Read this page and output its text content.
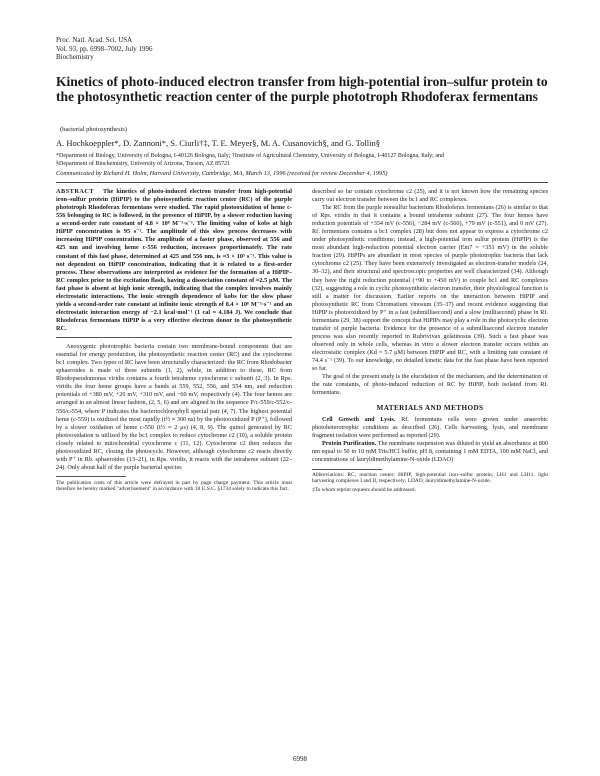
Proc. Natl. Acad. Sci. USA
Vol. 93, pp. 6998–7002, July 1996
Biochemistry
Kinetics of photo-induced electron transfer from high-potential iron–sulfur protein to the photosynthetic reaction center of the purple phototroph Rhodoferax fermentans
(bacterial photosynthesis)
A. Hochkoeppler*, D. Zannoni*, S. Ciurli†‡, T. E. Meyer§, M. A. Cusanovich§, and G. Tollin§
*Department of Biology, University of Bologna, I-40126 Bologna, Italy; †Institute of Agricultural Chemistry, University of Bologna, I-40127 Bologna, Italy; and
§Department of Biochemistry, University of Arizona, Tucson, AZ 85721
Communicated by Richard H. Holm, Harvard University, Cambridge, MA, March 13, 1996 (received for review December 4, 1995)
ABSTRACT The kinetics of photo-induced electron transfer from high-potential iron–sulfur protein (HiPIP) to the photosynthetic reaction center (RC) of the purple phototroph Rhodoferax fermentans were studied. The rapid photooxidation of heme c-556 belonging to RC is followed, in the presence of HiPIP, by a slower reduction having a second-order rate constant of 4.8 × 10⁸ M⁻¹·s⁻¹. The limiting value of kobs at high HiPIP concentration is 95 s⁻¹. The amplitude of this slow process decreases with increasing HiPIP concentration. The amplitude of a faster phase, observed at 556 and 425 nm and involving heme c-556 reduction, increases proportionately. The rate constant of this fast phase, determined at 425 and 556 nm, is ≈3 × 10⁵ s⁻¹. This value is not dependent on HiPIP concentration, indicating that it is related to a first-order process. These observations are interpreted as evidence for the formation of a HiPIP–RC complex prior to the excitation flash, having a dissociation constant of ≈2.5 μM. The fast phase is absent at high ionic strength, indicating that the complex involves mainly electrostatic interactions. The ionic strength dependence of kobs for the slow phase yields a second-order rate constant at infinite ionic strength of 8.4 × 10⁶ M⁻¹·s⁻¹ and an electrostatic interaction energy of −2.1 kcal·mol⁻¹ (1 cal = 4.184 J). We conclude that Rhodoferax fermentans HiPIP is a very effective electron donor to the photosynthetic RC.

Anoxygenic phototrophic bacteria contain two membrane-bound components that are essential for energy production, the photosynthetic reaction center (RC) and the cytochrome bc1 complex. Two types of RC have been structurally characterized: the RC from Rhodobacter sphaeroides is made of three subunits (1, 2), while, in addition to these, RC from Rhodopseudomonas viridis contains a fourth tetraheme cytochrome c subunit (2, 3). In Rps. viridis the four heme groups have a bands at 559, 552, 556, and 554 nm, and reduction potentials of +380 mV, +20 mV, +310 mV, and −60 mV, respectively (4). The four hemes are arranged in an almost linear fashion, (2, 5, 6) and are aligned in the sequence P/c-559/c-552/c-556/c-554, where P indicates the bacteriochlorophyll special pair (4, 7). The highest potential heme (c-559) is oxidized the most rapidly (t½ ≈ 300 ns) by the photooxidized P (P⁺), followed by a slower oxidation of heme c-556 (t½ ≈ 2 μs) (4, 8, 9). The quinol generated by RC photooxidation is utilized by the bc1 complex to reduce cytochrome c2 (10), a soluble protein closely related to mitochondrial cytochrome c (11, 12). Cytochrome c2 then reduces the photooxidized RC, closing the photocycle. However, although cytochrome c2 reacts directly with P⁺ in Rb. sphaeroides (13–21), in Rps. viridis, it reacts with the tetraheme subunit (22–24). Only about half of the purple bacterial species

The publication costs of this article were defrayed in part by page charge payment. This article must therefore be hereby marked "advertisement" in accordance with 18 U.S.C. §1734 solely to indicate this fact.

described so far contain cytochrome c2 (25), and it is not known how the remaining species carry out electron transfer between the bc1 and RC complexes.

The RC from the purple nonsulfur bacterium Rhodoferax fermentans (26) is similar to that of Rps. viridis in that it contains a bound tetraheme subunit (27). The four hemes have reduction potentials of +354 mV (c-556), −284 mV (c-560), +79 mV (c-551), and 0 mV (27). Rf. fermentans contains a bc1 complex (28) but does not appear to express a cytochrome c2 under photosynthetic conditions; instead, a high-potential iron sulfur protein (HiPIP) is the most abundant high-reduction potential electron carrier (Em7 = +351 mV) in the soluble fraction (29). HiPIPs are abundant in most species of purple phototrophic bacteria that lack cytochrome c2 (25). They have been extensively investigated as electron-transfer models (24, 30–32), and their structural and spectroscopic properties are well characterized (34). Although they have the right reduction potential (+90 to +450 mV) to couple bc1 and RC complexes (32), suggesting a role in cyclic photosynthetic electron transfer, their physiological function is still a matter for discussion. Earlier reports on the interaction between HiPIP and photosynthetic RC from Chromatium vinosum (35–37) and recent evidence suggesting that HiPIP is photooxidized by P⁺ in a fast (submillisecond) and a slow (millisecond) phase in Rf. fermentans (29, 38) support the concept that HiPIPs may play a role in the photocyclic electron transfer of purple bacteria. Evidence for the presence of a submillisecond electron transfer process was also recently reported in Rubrivivax gelatinosus (39). Such a fast phase was observed only in whole cells, whereas in vitro a slower electron transfer occurs within an electrostatic complex (Kd = 5.7 μM) between HiPIP and RC, with a limiting rate constant of 74.4 s⁻¹ (39). To our knowledge, no detailed kinetic data for the fast phase have been reported so far.

The goal of the present study is the elucidation of the mechanism, and the determination of the rate constants, of photo-induced reduction of RC by HiPIP, both isolated from Rf. fermentans.

MATERIALS AND METHODS

Cell Growth and Lysis. Rf. fermentans cells were grown under anaerobic photoheterotrophic conditions as described (26). Cells harvesting, lysis, and membrane fragment isolation were performed as reported (29).

Protein Purification. The membrane suspension was diluted to yield an absorbance at 800 nm equal to 50 in 10 mM Tris/HCl buffer, pH 8, containing 1 mM EDTA, 100 mM NaCl, and concentrations of lauryldimethylamine-N-oxide (LDAO)

Abbreviations: RC, reaction center; HiPIP, high-potential iron–sulfur protein; LH1 and LH11, light harvesting complexes I and II, respectively; LDAO, lauryldimethylamine-N-oxide.
‡To whom reprint requests should be addressed.
6998
